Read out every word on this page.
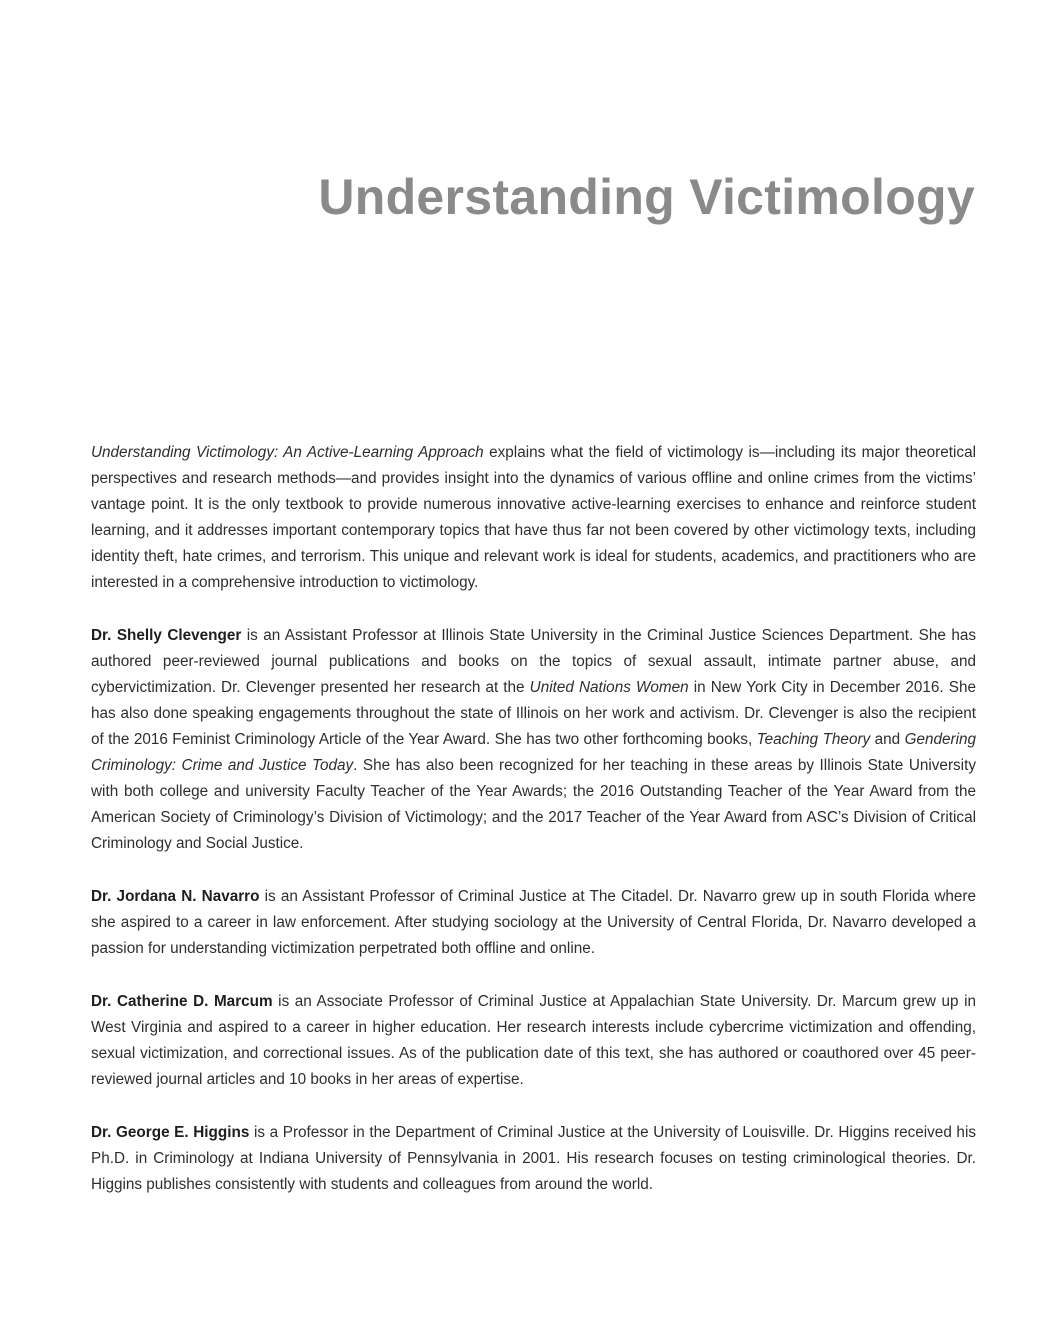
Understanding Victimology

Understanding Victimology: An Active-Learning Approach explains what the field of victimology is—including its major theoretical perspectives and research methods—and provides insight into the dynamics of various offline and online crimes from the victims’ vantage point. It is the only textbook to provide numerous innovative active-learning exercises to enhance and reinforce student learning, and it addresses important contemporary topics that have thus far not been covered by other victimology texts, including identity theft, hate crimes, and terrorism. This unique and relevant work is ideal for students, academics, and practitioners who are interested in a comprehensive introduction to victimology.

Dr. Shelly Clevenger is an Assistant Professor at Illinois State University in the Criminal Justice Sciences Department. She has authored peer-reviewed journal publications and books on the topics of sexual assault, intimate partner abuse, and cybervictimization. Dr. Clevenger presented her research at the United Nations Women in New York City in December 2016. She has also done speaking engagements throughout the state of Illinois on her work and activism. Dr. Clevenger is also the recipient of the 2016 Feminist Criminology Article of the Year Award. She has two other forthcoming books, Teaching Theory and Gendering Criminology: Crime and Justice Today. She has also been recognized for her teaching in these areas by Illinois State University with both college and university Faculty Teacher of the Year Awards; the 2016 Outstanding Teacher of the Year Award from the American Society of Criminology’s Division of Victimology; and the 2017 Teacher of the Year Award from ASC’s Division of Critical Criminology and Social Justice.

Dr. Jordana N. Navarro is an Assistant Professor of Criminal Justice at The Citadel. Dr. Navarro grew up in south Florida where she aspired to a career in law enforcement. After studying sociology at the University of Central Florida, Dr. Navarro developed a passion for understanding victimization perpetrated both offline and online.

Dr. Catherine D. Marcum is an Associate Professor of Criminal Justice at Appalachian State University. Dr. Marcum grew up in West Virginia and aspired to a career in higher education. Her research interests include cybercrime victimization and offending, sexual victimization, and correctional issues. As of the publication date of this text, she has authored or coauthored over 45 peer-reviewed journal articles and 10 books in her areas of expertise.

Dr. George E. Higgins is a Professor in the Department of Criminal Justice at the University of Louisville. Dr. Higgins received his Ph.D. in Criminology at Indiana University of Pennsylvania in 2001. His research focuses on testing criminological theories. Dr. Higgins publishes consistently with students and colleagues from around the world.
